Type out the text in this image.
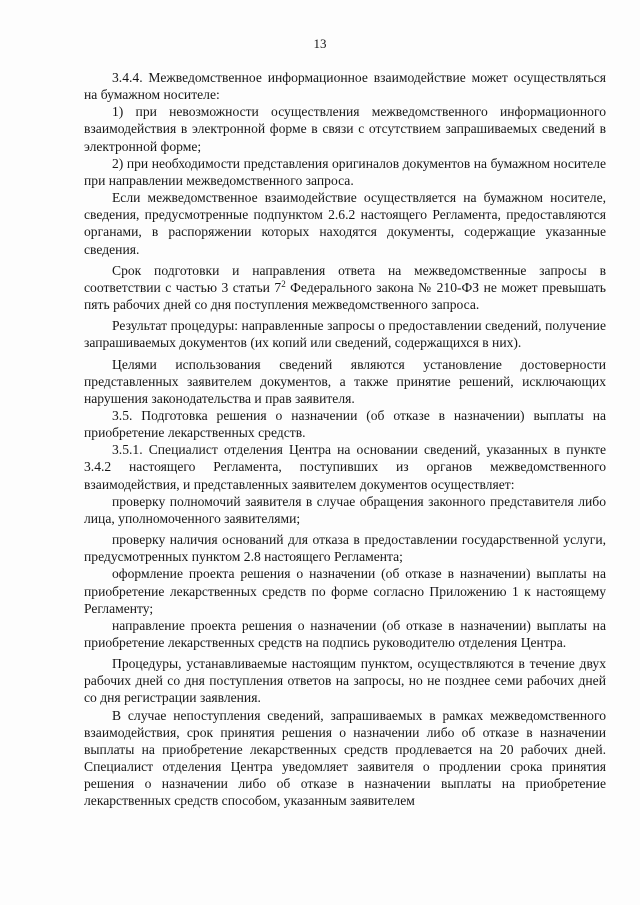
13

3.4.4. Межведомственное информационное взаимодействие может осуществляться на бумажном носителе:

1) при невозможности осуществления межведомственного информационного взаимодействия в электронной форме в связи с отсутствием запрашиваемых сведений в электронной форме;

2) при необходимости представления оригиналов документов на бумажном носителе при направлении межведомственного запроса.

Если межведомственное взаимодействие осуществляется на бумажном носителе, сведения, предусмотренные подпунктом 2.6.2 настоящего Регламента, предоставляются органами, в распоряжении которых находятся документы, содержащие указанные сведения.

Срок подготовки и направления ответа на межведомственные запросы в соответствии с частью 3 статьи $7^2$ Федерального закона № 210-ФЗ не может превышать пять рабочих дней со дня поступления межведомственного запроса.

Результат процедуры: направленные запросы о предоставлении сведений, получение запрашиваемых документов (их копий или сведений, содержащихся в них).

Целями использования сведений являются установление достоверности представленных заявителем документов, а также принятие решений, исключающих нарушения законодательства и прав заявителя.

3.5. Подготовка решения о назначении (об отказе в назначении) выплаты на приобретение лекарственных средств.

3.5.1. Специалист отделения Центра на основании сведений, указанных в пункте 3.4.2 настоящего Регламента, поступивших из органов межведомственного взаимодействия, и представленных заявителем документов осуществляет:

проверку полномочий заявителя в случае обращения законного представителя либо лица, уполномоченного заявителями;

проверку наличия оснований для отказа в предоставлении государственной услуги, предусмотренных пунктом 2.8 настоящего Регламента;

оформление проекта решения о назначении (об отказе в назначении) выплаты на приобретение лекарственных средств по форме согласно Приложению 1 к настоящему Регламенту;

направление проекта решения о назначении (об отказе в назначении) выплаты на приобретение лекарственных средств на подпись руководителю отделения Центра.

Процедуры, устанавливаемые настоящим пунктом, осуществляются в течение двух рабочих дней со дня поступления ответов на запросы, но не позднее семи рабочих дней со дня регистрации заявления.

В случае непоступления сведений, запрашиваемых в рамках межведомственного взаимодействия, срок принятия решения о назначении либо об отказе в назначении выплаты на приобретение лекарственных средств продлевается на 20 рабочих дней. Специалист отделения Центра уведомляет заявителя о продлении срока принятия решения о назначении либо об отказе в назначении выплаты на приобретение лекарственных средств способом, указанным заявителем
